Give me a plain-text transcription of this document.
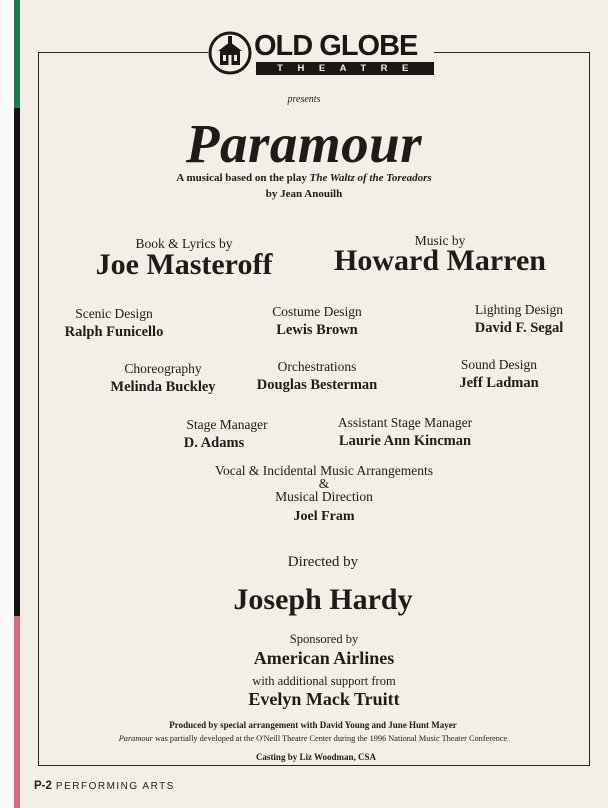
OLD GLOBE
THEATRE
presents
Paramour
A musical based on the play The Waltz of the Toreadors
by Jean Anouilh
Book & Lyrics by
Joe Masteroff
Music by
Howard Marren
Scenic Design
Ralph Funicello
Costume Design
Lewis Brown
Lighting Design
David F. Segal
Choreography
Melinda Buckley
Orchestrations
Douglas Besterman
Sound Design
Jeff Ladman
Stage Manager
D. Adams
Assistant Stage Manager
Laurie Ann Kincman
Vocal & Incidental Music Arrangements
&
Musical Direction
Joel Fram
Directed by
Joseph Hardy
Sponsored by
American Airlines
with additional support from
Evelyn Mack Truitt
Produced by special arrangement with David Young and June Hunt Mayer
Paramour was partially developed at the O'Neill Theatre Center during the 1996 National Music Theater Conference
Casting by Liz Woodman, CSA
P-2 PERFORMING ARTS
